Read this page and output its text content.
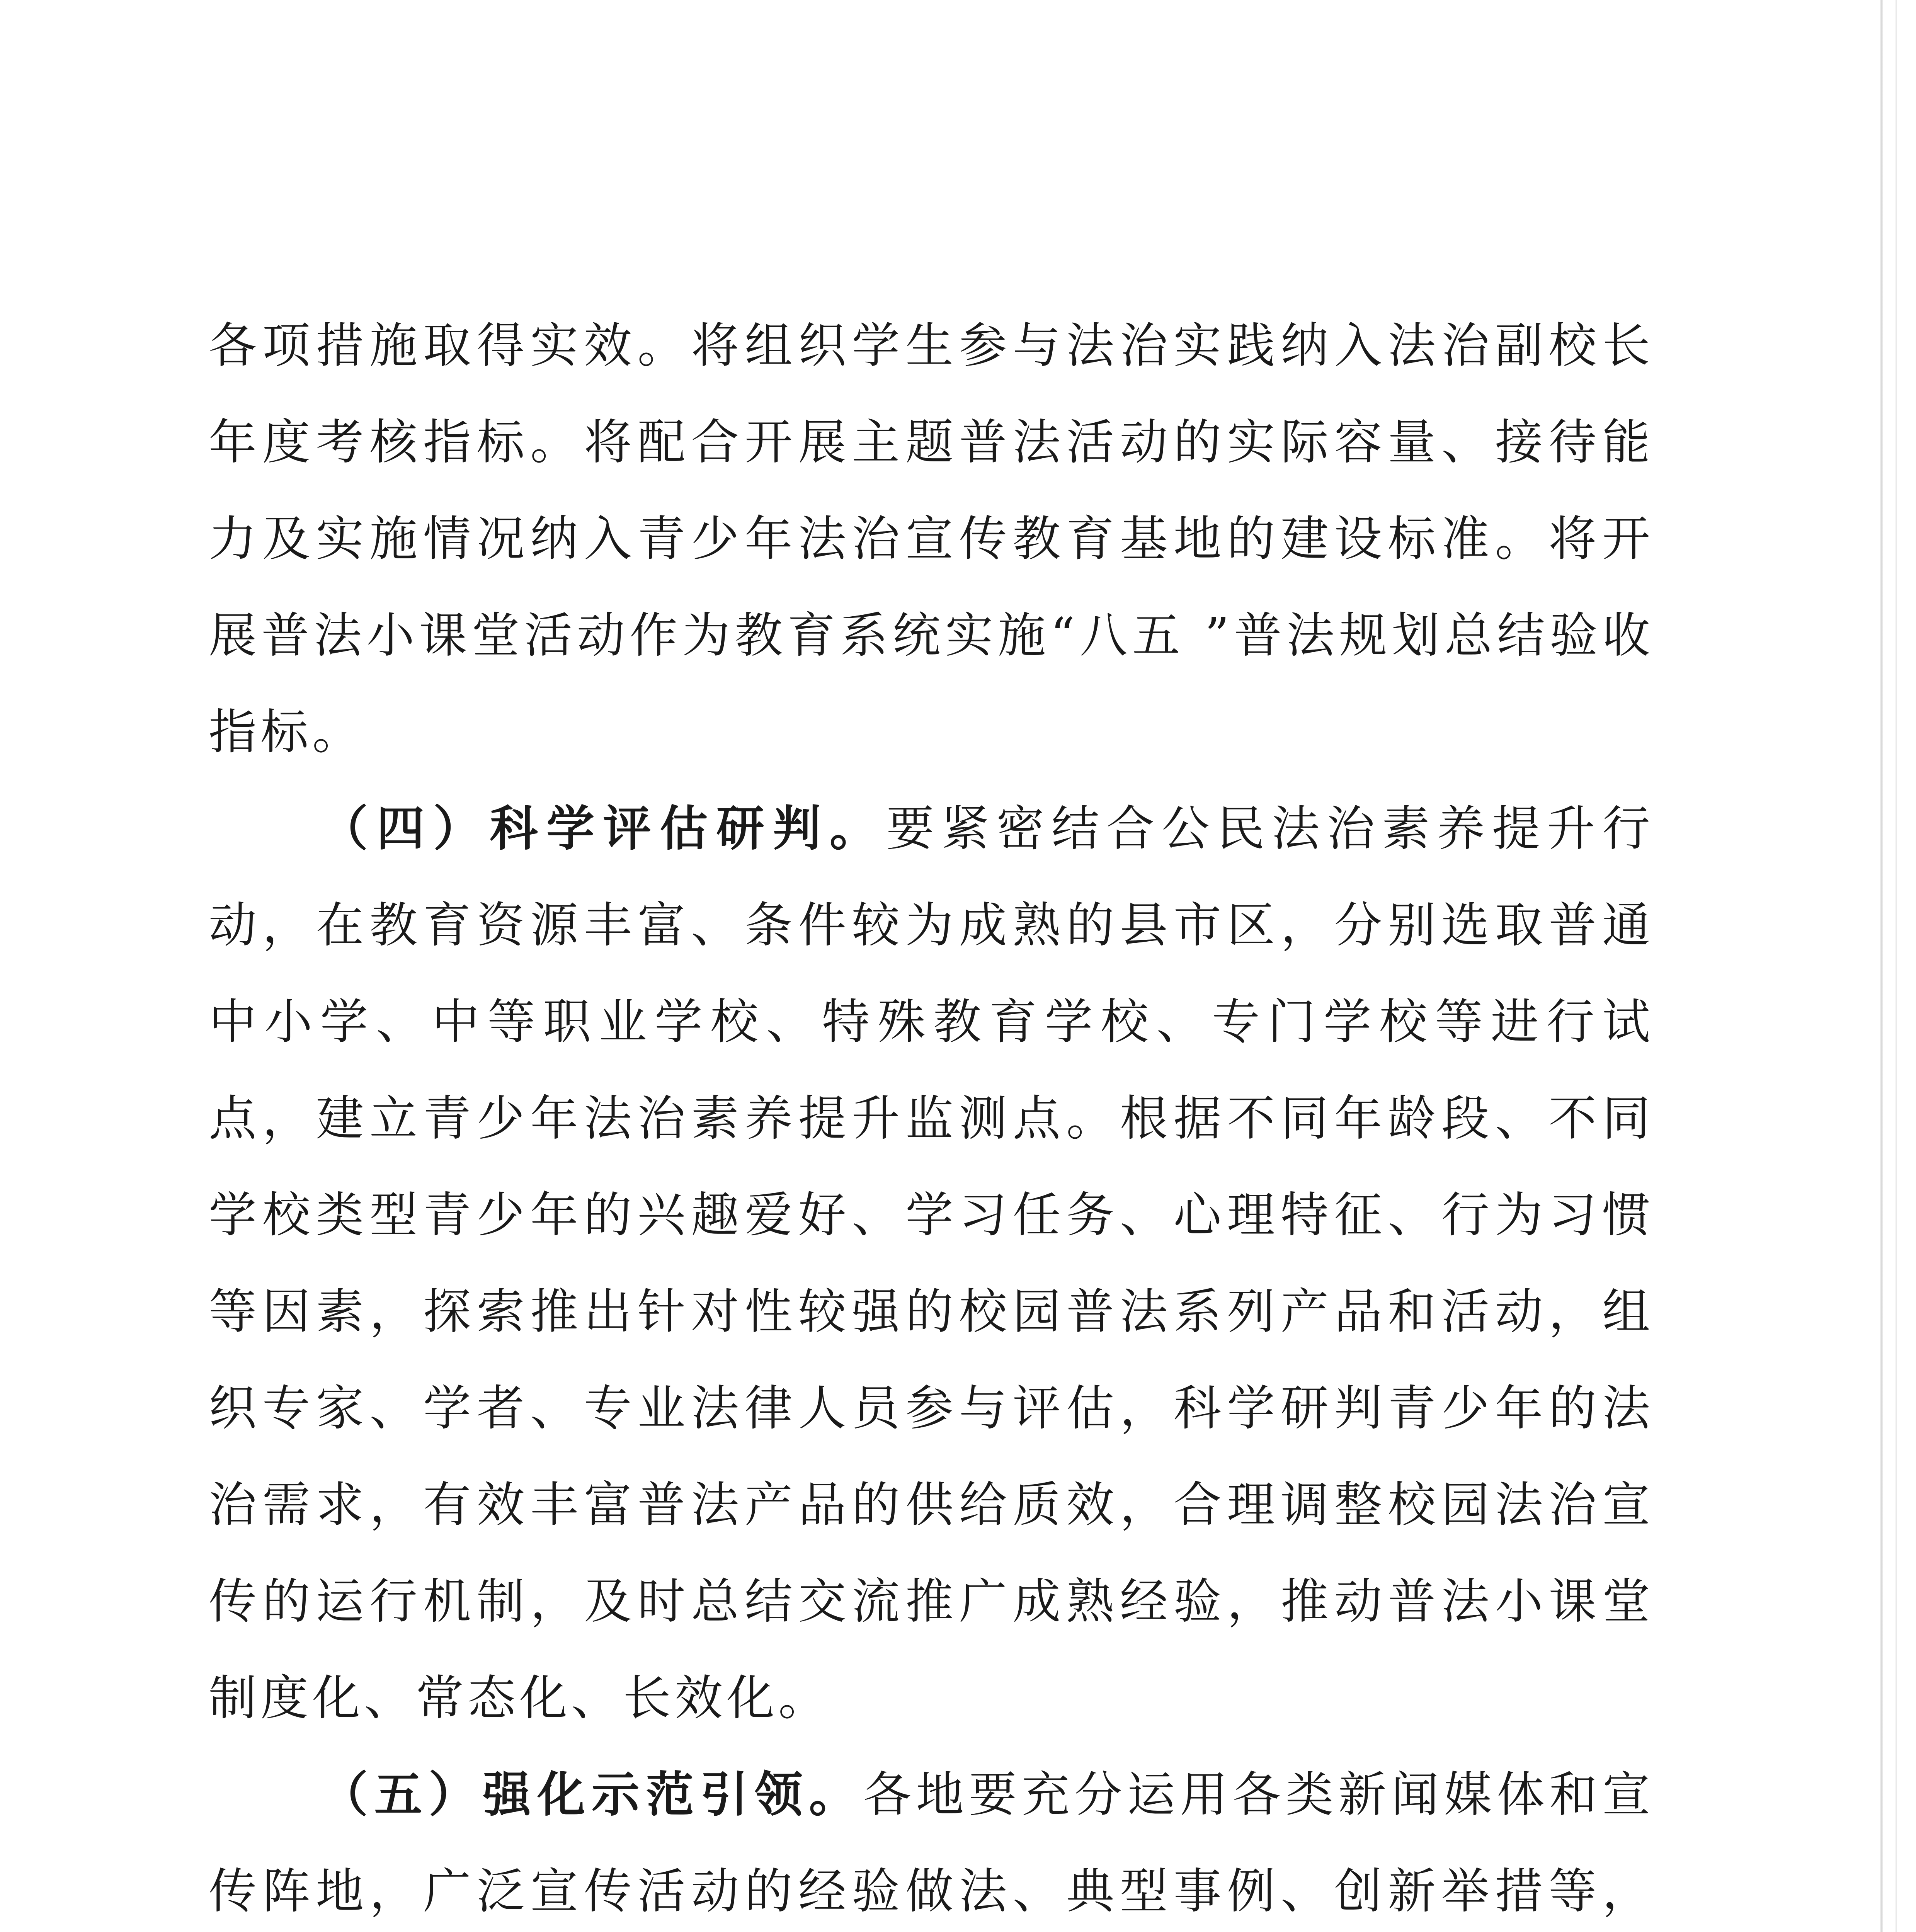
各项措施取得实效。将组织学生参与法治实践纳入法治副校长年度考核指标。将配合开展主题普法活动的实际容量、接待能力及实施情况纳入青少年法治宣传教育基地的建设标准。将开展普法小课堂活动作为教育系统实施“八五 ”普法规划总结验收指标。

（四）科学评估研判。要紧密结合公民法治素养提升行动，在教育资源丰富、条件较为成熟的县市区，分别选取普通中小学、中等职业学校、特殊教育学校、专门学校等进行试点，建立青少年法治素养提升监测点。根据不同年龄段、不同学校类型青少年的兴趣爱好、学习任务、心理特征、行为习惯等因素，探索推出针对性较强的校园普法系列产品和活动，组织专家、学者、专业法律人员参与评估，科学研判青少年的法治需求，有效丰富普法产品的供给质效，合理调整校园法治宣传的运行机制，及时总结交流推广成熟经验，推动普法小课堂制度化、常态化、长效化。

（五）强化示范引领。各地要充分运用各类新闻媒体和宣传阵地，广泛宣传活动的经验做法、典型事例、创新举措等，
